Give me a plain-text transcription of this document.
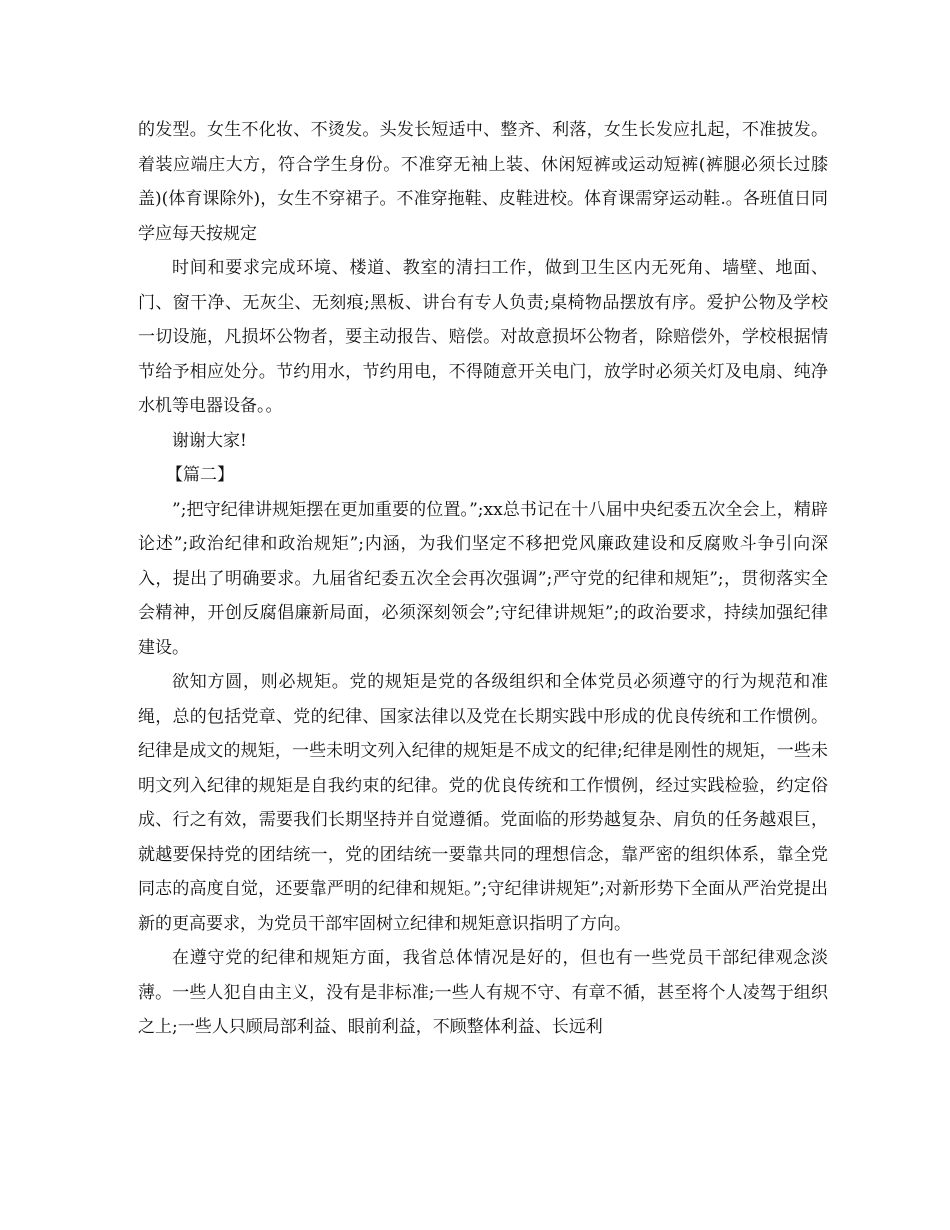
的发型。女生不化妆、不烫发。头发长短适中、整齐、利落，女生长发应扎起，不准披发。着装应端庄大方，符合学生身份。不准穿无袖上装、休闲短裤或运动短裤(裤腿必须长过膝盖)(体育课除外)，女生不穿裙子。不准穿拖鞋、皮鞋进校。体育课需穿运动鞋.。各班值日同学应每天按规定

时间和要求完成环境、楼道、教室的清扫工作，做到卫生区内无死角、墙壁、地面、门、窗干净、无灰尘、无刻痕;黑板、讲台有专人负责;桌椅物品摆放有序。爱护公物及学校一切设施，凡损坏公物者，要主动报告、赔偿。对故意损坏公物者，除赔偿外，学校根据情节给予相应处分。节约用水，节约用电，不得随意开关电门，放学时必须关灯及电扇、纯净水机等电器设备。。

谢谢大家!

【篇二】

”;把守纪律讲规矩摆在更加重要的位置。”;xx总书记在十八届中央纪委五次全会上，精辟论述”;政治纪律和政治规矩”;内涵，为我们坚定不移把党风廉政建设和反腐败斗争引向深入，提出了明确要求。九届省纪委五次全会再次强调”;严守党的纪律和规矩”;，贯彻落实全会精神，开创反腐倡廉新局面，必须深刻领会”;守纪律讲规矩”;的政治要求，持续加强纪律建设。

欲知方圆，则必规矩。党的规矩是党的各级组织和全体党员必须遵守的行为规范和准绳，总的包括党章、党的纪律、国家法律以及党在长期实践中形成的优良传统和工作惯例。纪律是成文的规矩，一些未明文列入纪律的规矩是不成文的纪律;纪律是刚性的规矩，一些未明文列入纪律的规矩是自我约束的纪律。党的优良传统和工作惯例，经过实践检验，约定俗成、行之有效，需要我们长期坚持并自觉遵循。党面临的形势越复杂、肩负的任务越艰巨，就越要保持党的团结统一，党的团结统一要靠共同的理想信念，靠严密的组织体系，靠全党同志的高度自觉，还要靠严明的纪律和规矩。”;守纪律讲规矩”;对新形势下全面从严治党提出新的更高要求，为党员干部牢固树立纪律和规矩意识指明了方向。

在遵守党的纪律和规矩方面，我省总体情况是好的，但也有一些党员干部纪律观念淡薄。一些人犯自由主义，没有是非标准;一些人有规不守、有章不循，甚至将个人凌驾于组织之上;一些人只顾局部利益、眼前利益，不顾整体利益、长远利
